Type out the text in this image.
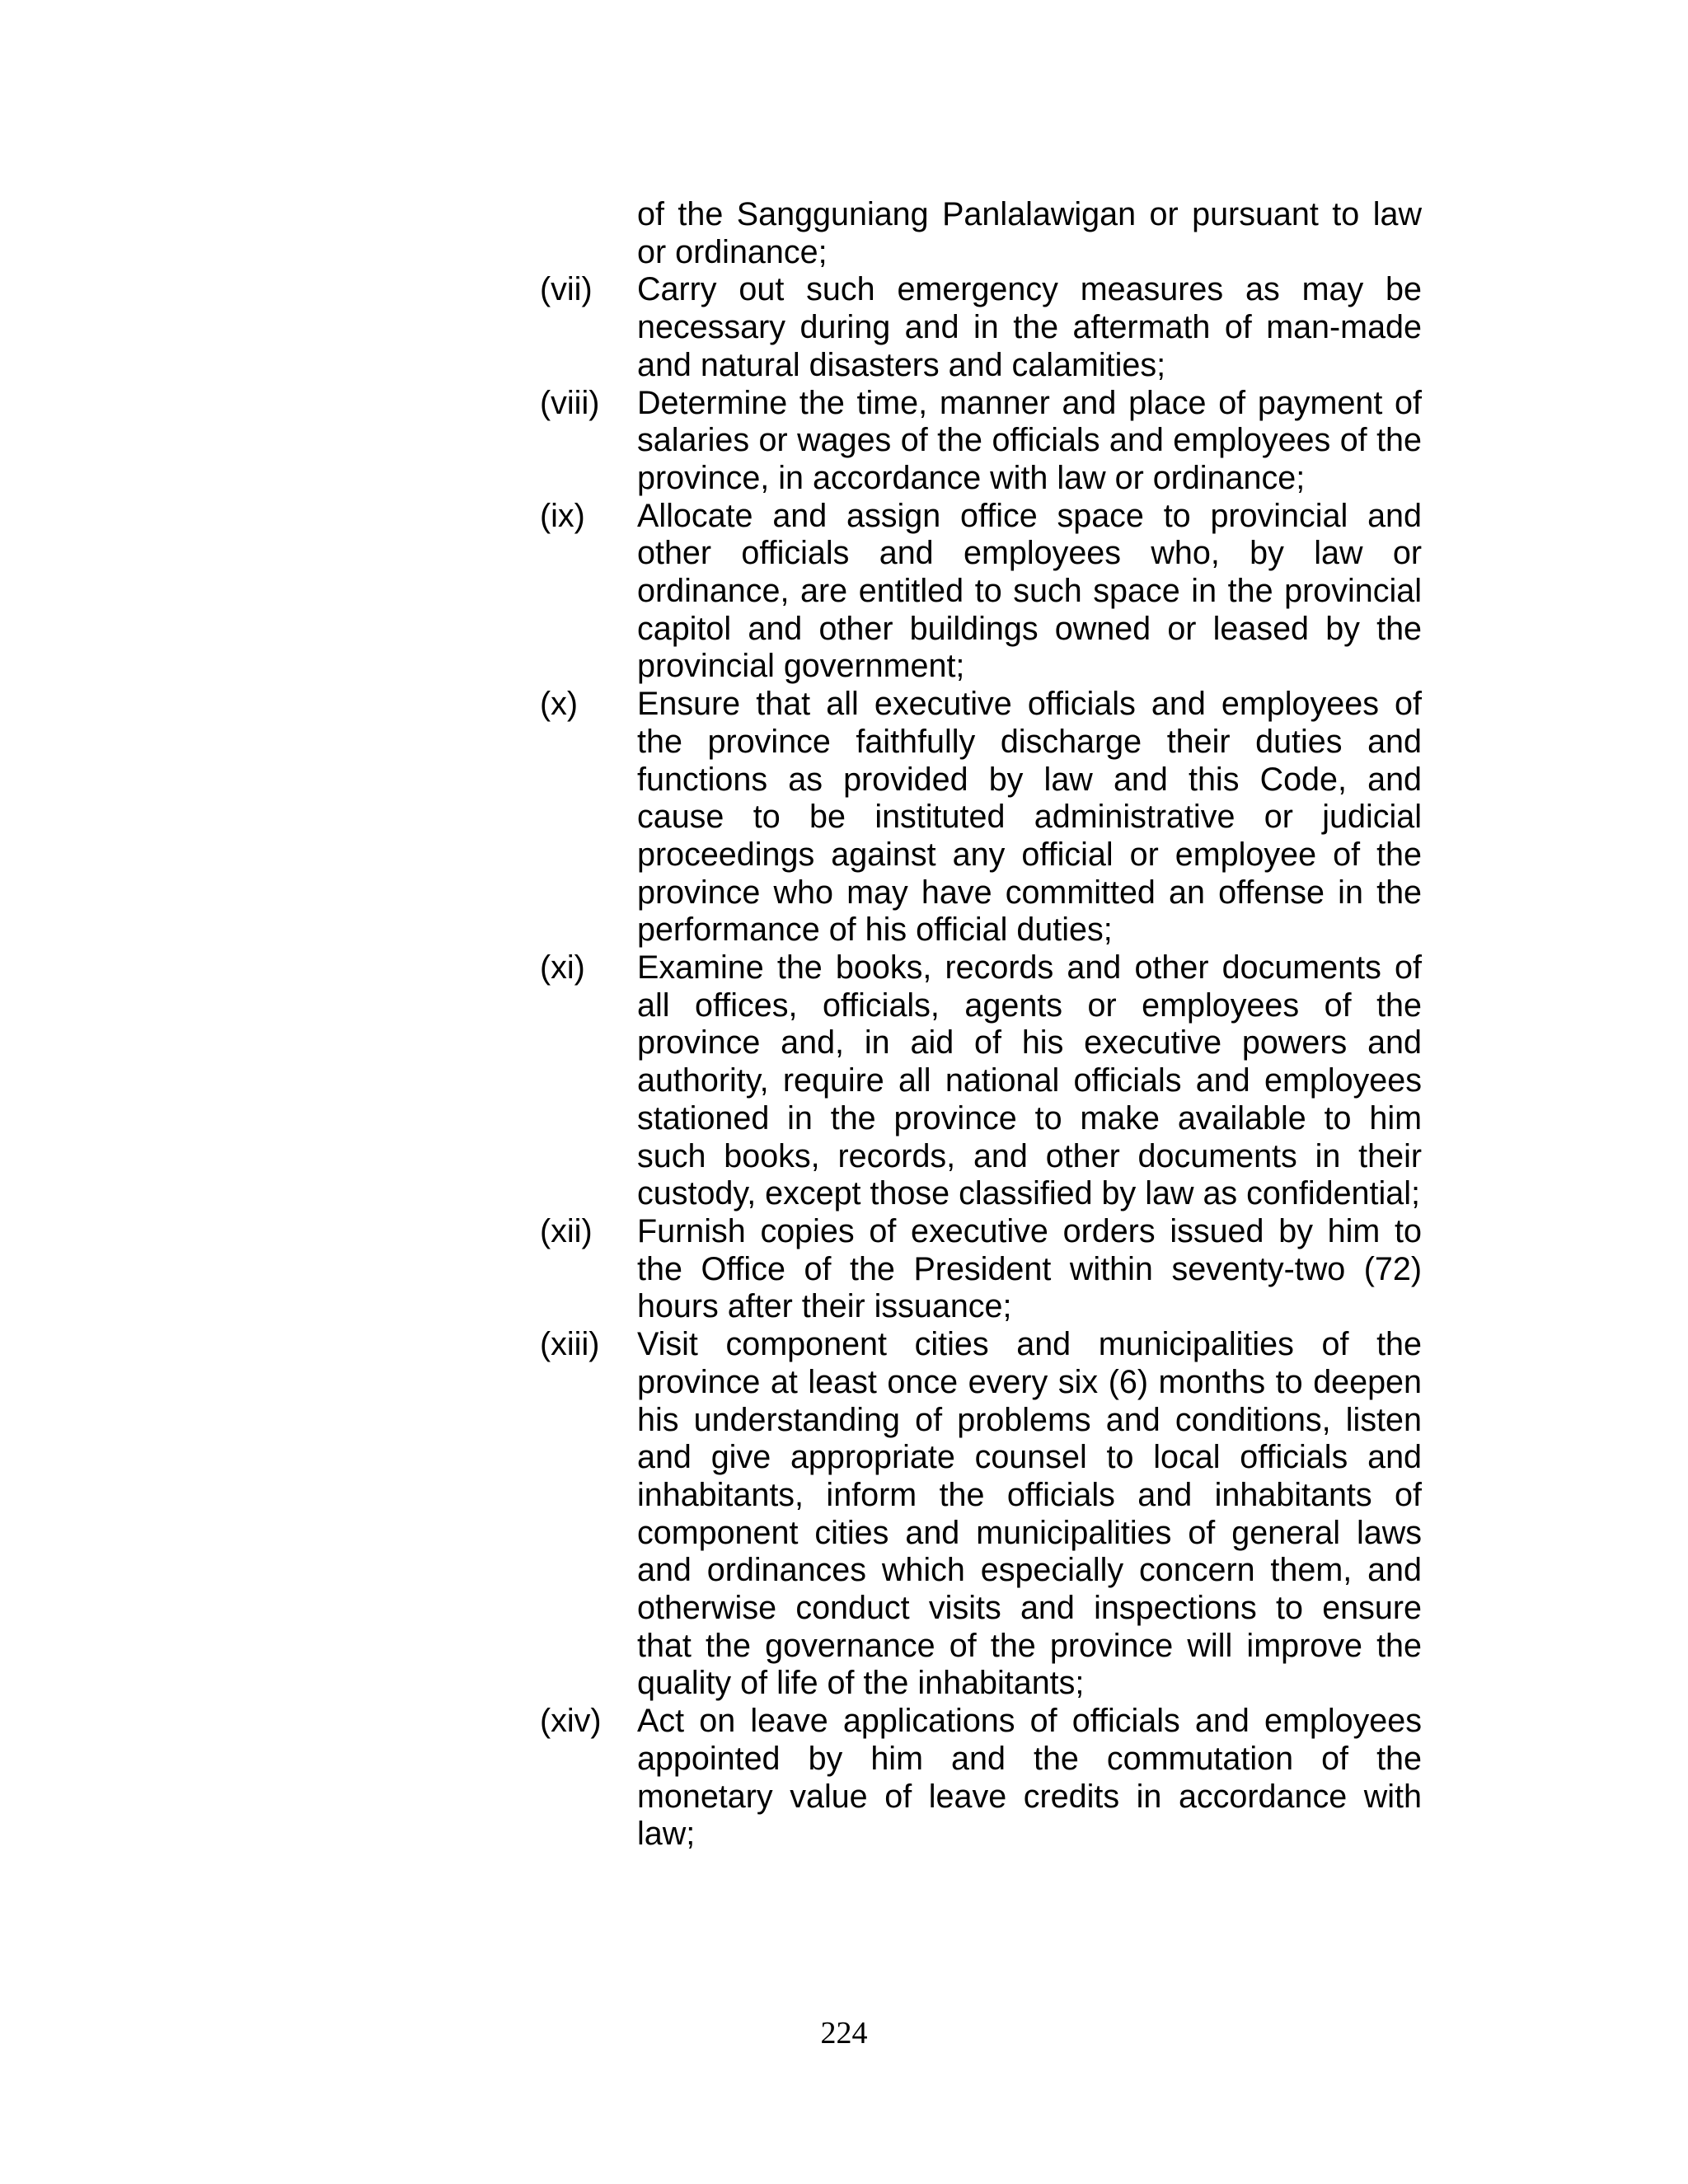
of the Sangguniang Panlalawigan or pursuant to law or ordinance;
(vii)	Carry out such emergency measures as may be necessary during and in the aftermath of man-made and natural disasters and calamities;
(viii)	Determine the time, manner and place of payment of salaries or wages of the officials and employees of the province, in accordance with law or ordinance;
(ix)	Allocate and assign office space to provincial and other officials and employees who, by law or ordinance, are entitled to such space in the provincial capitol and other buildings owned or leased by the provincial government;
(x)	Ensure that all executive officials and employees of the province faithfully discharge their duties and functions as provided by law and this Code, and cause to be instituted administrative or judicial proceedings against any official or employee of the province who may have committed an offense in the performance of his official duties;
(xi)	Examine the books, records and other documents of all offices, officials, agents or employees of the province and, in aid of his executive powers and authority, require all national officials and employees stationed in the province to make available to him such books, records, and other documents in their custody, except those classified by law as confidential;
(xii)	Furnish copies of executive orders issued by him to the Office of the President within seventy-two (72) hours after their issuance;
(xiii)	Visit component cities and municipalities of the province at least once every six (6) months to deepen his understanding of problems and conditions, listen and give appropriate counsel to local officials and inhabitants, inform the officials and inhabitants of component cities and municipalities of general laws and ordinances which especially concern them, and otherwise conduct visits and inspections to ensure that the governance of the province will improve the quality of life of the inhabitants;
(xiv)	Act on leave applications of officials and employees appointed by him and the commutation of the monetary value of leave credits in accordance with law;
224
